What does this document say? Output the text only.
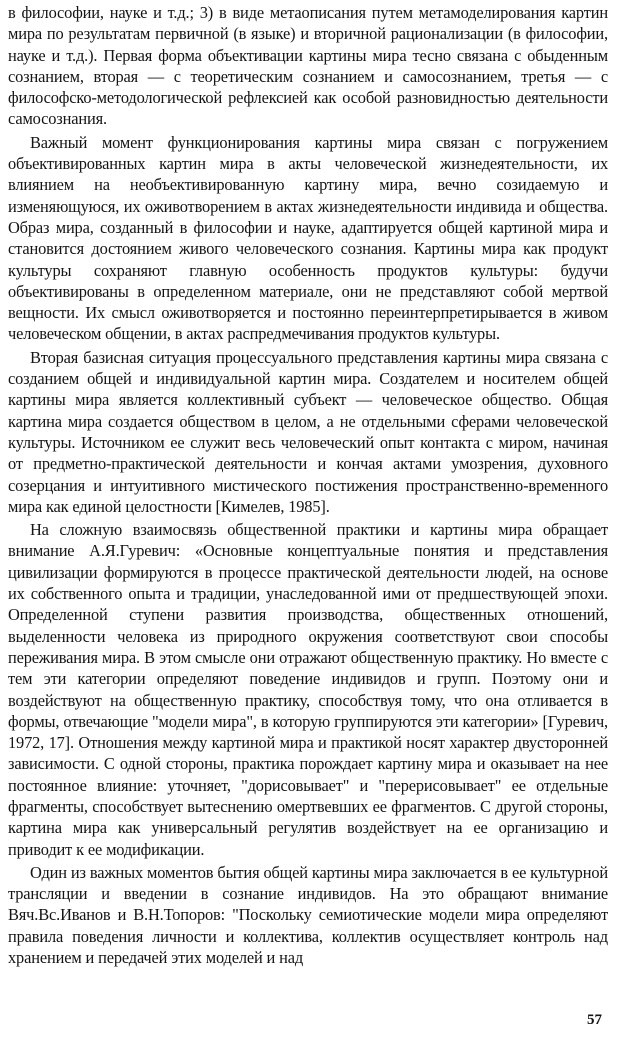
в философии, науке и т.д.; 3) в виде метаописания путем метамоделирования картин мира по результатам первичной (в языке) и вторичной рационализации (в философии, науке и т.д.). Первая форма объективации картины мира тесно связана с обыденным сознанием, вторая — с теоретическим сознанием и самосознанием, третья — с философско-методологической рефлексией как особой разновидностью деятельности самосознания.

Важный момент функционирования картины мира связан с погружением объективированных картин мира в акты человеческой жизнедеятельности, их влиянием на необъективированную картину мира, вечно созидаемую и изменяющуюся, их оживотворением в актах жизнедеятельности индивида и общества. Образ мира, созданный в философии и науке, адаптируется общей картиной мира и становится достоянием живого человеческого сознания. Картины мира как продукт культуры сохраняют главную особенность продуктов культуры: будучи объективированы в определенном материале, они не представляют собой мертвой вещности. Их смысл оживотворяется и постоянно переинтерпретирывается в живом человеческом общении, в актах распредмечивания продуктов культуры.

Вторая базисная ситуация процессуального представления картины мира связана с созданием общей и индивидуальной картин мира. Создателем и носителем общей картины мира является коллективный субъект — человеческое общество. Общая картина мира создается обществом в целом, а не отдельными сферами человеческой культуры. Источником ее служит весь человеческий опыт контакта с миром, начиная от предметно-практической деятельности и кончая актами умозрения, духовного созерцания и интуитивного мистического постижения пространственно-временного мира как единой целостности [Кимелев, 1985].

На сложную взаимосвязь общественной практики и картины мира обращает внимание А.Я.Гуревич: «Основные концептуальные понятия и представления цивилизации формируются в процессе практической деятельности людей, на основе их собственного опыта и традиции, унаследованной ими от предшествующей эпохи. Определенной ступени развития производства, общественных отношений, выделенности человека из природного окружения соответствуют свои способы переживания мира. В этом смысле они отражают общественную практику. Но вместе с тем эти категории определяют поведение индивидов и групп. Поэтому они и воздействуют на общественную практику, способствуя тому, что она отливается в формы, отвечающие "модели мира", в которую группируются эти категории» [Гуревич, 1972, 17]. Отношения между картиной мира и практикой носят характер двусторонней зависимости. С одной стороны, практика порождает картину мира и оказывает на нее постоянное влияние: уточняет, "дорисовывает" и "перерисовывает" ее отдельные фрагменты, способствует вытеснению омертвевших ее фрагментов. С другой стороны, картина мира как универсальный регулятив воздействует на ее организацию и приводит к ее модификации.

Один из важных моментов бытия общей картины мира заключается в ее культурной трансляции и введении в сознание индивидов. На это обращают внимание Вяч.Вс.Иванов и В.Н.Топоров: "Поскольку семиотические модели мира определяют правила поведения личности и коллектива, коллектив осуществляет контроль над хранением и передачей этих моделей и над

57
